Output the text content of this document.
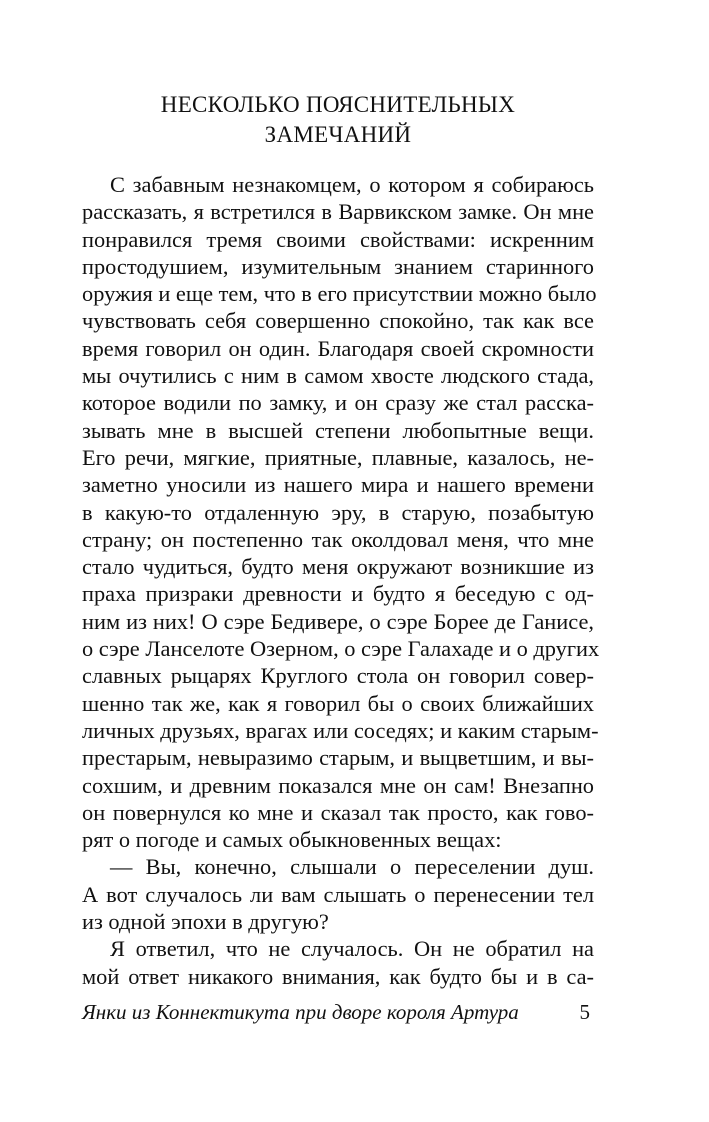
НЕСКОЛЬКО ПОЯСНИТЕЛЬНЫХ
ЗАМЕЧАНИЙ
С забавным незнакомцем, о котором я собираюсь
рассказать, я встретился в Варвикском замке. Он мне
понравился тремя своими свойствами: искренним
простодушием, изумительным знанием старинного
оружия и еще тем, что в его присутствии можно было
чувствовать себя совершенно спокойно, так как все
время говорил он один. Благодаря своей скромности
мы очутились с ним в самом хвосте людского стада,
которое водили по замку, и он сразу же стал расска-
зывать мне в высшей степени любопытные вещи.
Его речи, мягкие, приятные, плавные, казалось, не-
заметно уносили из нашего мира и нашего времени
в какую-то отдаленную эру, в старую, позабытую
страну; он постепенно так околдовал меня, что мне
стало чудиться, будто меня окружают возникшие из
праха призраки древности и будто я беседую с од-
ним из них! О сэре Бедивере, о сэре Борее де Ганисе,
о сэре Ланселоте Озерном, о сэре Галахаде и о других
славных рыцарях Круглого стола он говорил совер-
шенно так же, как я говорил бы о своих ближайших
личных друзьях, врагах или соседях; и каким старым-
престарым, невыразимо старым, и выцветшим, и вы-
сохшим, и древним показался мне он сам! Внезапно
он повернулся ко мне и сказал так просто, как гово-
рят о погоде и самых обыкновенных вещах:
— Вы, конечно, слышали о переселении душ.
А вот случалось ли вам слышать о перенесении тел
из одной эпохи в другую?
Я ответил, что не случалось. Он не обратил на
мой ответ никакого внимания, как будто бы и в са-
Янки из Коннектикута при дворе короля Артура	5
